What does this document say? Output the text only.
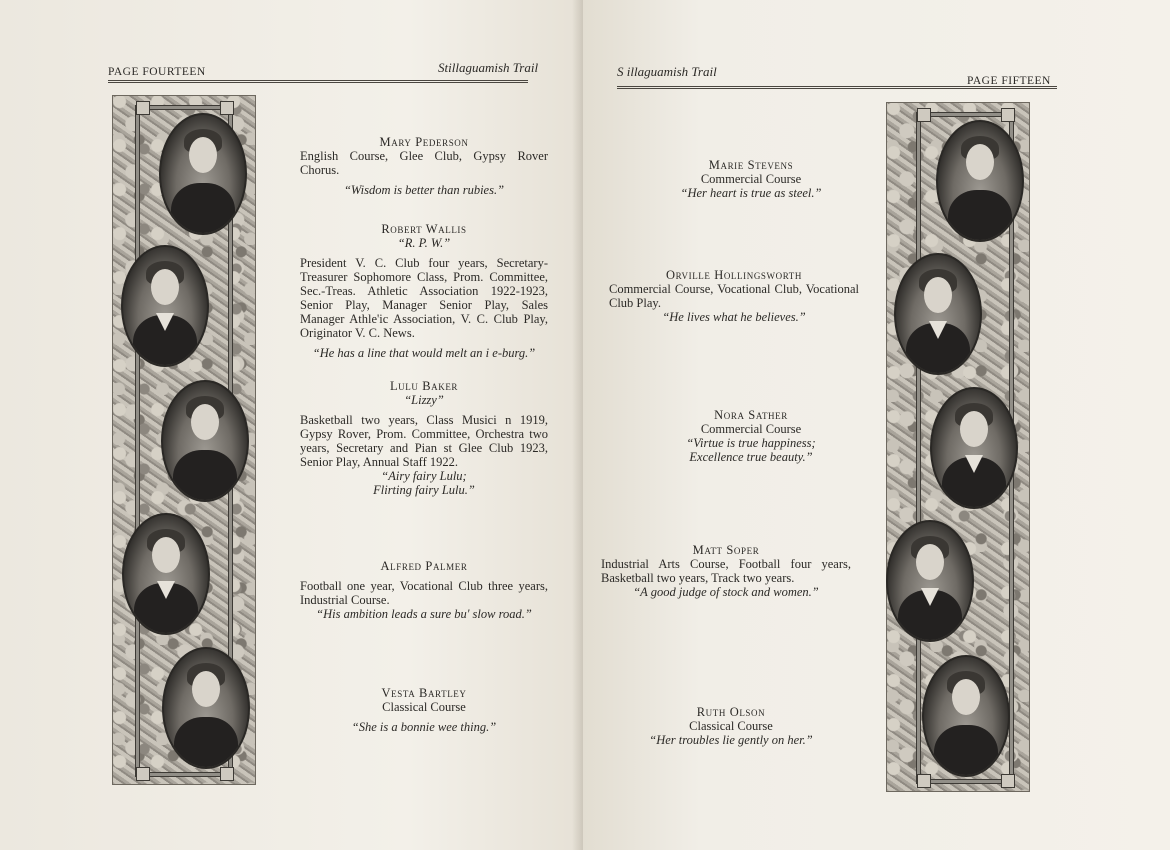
PAGE FOURTEEN	Stillaguamish Trail
Mary Pederson
English Course, Glee Club, Gypsy Rover Chorus.
“Wisdom is better than rubies.”
Robert Wallis
“R. P. W.”
President V. C. Club four years, Secretary-Treasurer Sophomore Class, Prom. Committee, Sec.-Treas. Athletic Association 1922-1923, Senior Play, Manager Senior Play, Sales Manager Athle'ic Association, V. C. Club Play, Originator V. C. News.
“He has a line that would melt an i e-burg.”
Lulu Baker
“Lizzy”
Basketball two years, Class Musici n 1919, Gypsy Rover, Prom. Committee, Orchestra two years, Secretary and Pian st Glee Club 1923, Senior Play, Annual Staff 1922.
“Airy fairy Lulu;
Flirting fairy Lulu.”
Alfred Palmer
Football one year, Vocational Club three years, Industrial Course.
“His ambition leads a sure bu' slow road.”
Vesta Bartley
Classical Course
“She is a bonnie wee thing.”
S illaguamish Trail
PAGE FIFTEEN
Marie Stevens
Commercial Course
“Her heart is true as steel.”
Orville Hollingsworth
Commercial Course, Vocational Club, Vocational Club Play.
“He lives what he believes.”
Nora Sather
Commercial Course
“Virtue is true happiness;
Excellence true beauty.”
Matt Soper
Industrial Arts Course, Football four years, Basketball two years, Track two years.
“A good judge of stock and women.”
Ruth Olson
Classical Course
“Her troubles lie gently on her.”
